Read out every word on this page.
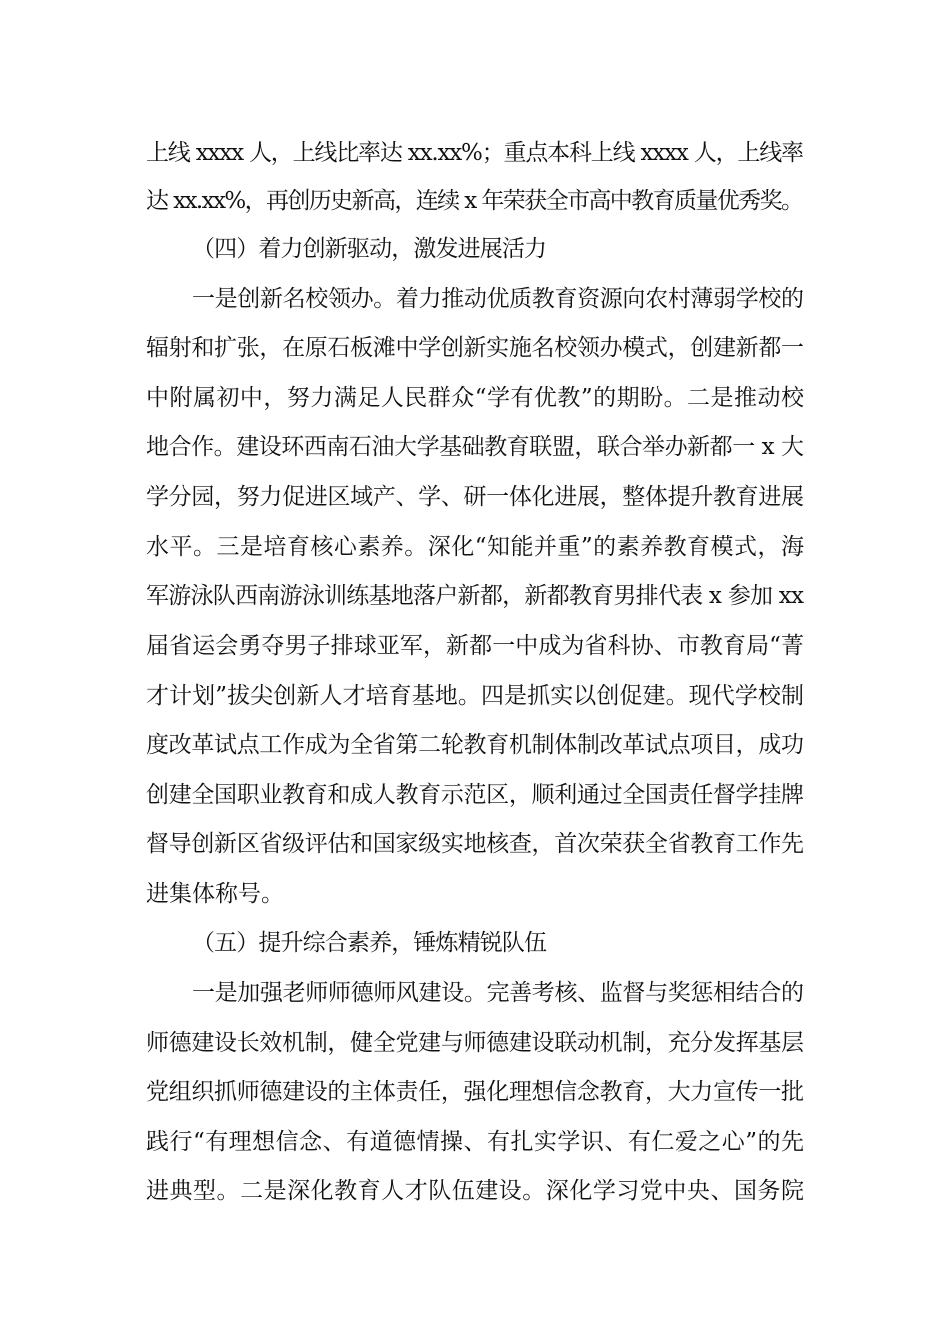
上线 xxxx 人，上线比率达 xx.xx%；重点本科上线 xxxx 人，上线率
达 xx.xx%，再创历史新高，连续 x 年荣获全市高中教育质量优秀奖。
（四）着力创新驱动，激发进展活力
一是创新名校领办。着力推动优质教育资源向农村薄弱学校的
辐射和扩张，在原石板滩中学创新实施名校领办模式，创建新都一
中附属初中，努力满足人民群众“学有优教”的期盼。二是推动校
地合作。建设环西南石油大学基础教育联盟，联合举办新都一 x 大
学分园，努力促进区域产、学、研一体化进展，整体提升教育进展
水平。三是培育核心素养。深化“知能并重”的素养教育模式，海
军游泳队西南游泳训练基地落户新都，新都教育男排代表 x 参加 xx
届省运会勇夺男子排球亚军，新都一中成为省科协、市教育局“菁
才计划”拔尖创新人才培育基地。四是抓实以创促建。现代学校制
度改革试点工作成为全省第二轮教育机制体制改革试点项目，成功
创建全国职业教育和成人教育示范区，顺利通过全国责任督学挂牌
督导创新区省级评估和国家级实地核查，首次荣获全省教育工作先
进集体称号。
（五）提升综合素养，锤炼精锐队伍
一是加强老师师德师风建设。完善考核、监督与奖惩相结合的
师德建设长效机制，健全党建与师德建设联动机制，充分发挥基层
党组织抓师德建设的主体责任，强化理想信念教育，大力宣传一批
践行“有理想信念、有道德情操、有扎实学识、有仁爱之心”的先
进典型。二是深化教育人才队伍建设。深化学习党中央、国务院
